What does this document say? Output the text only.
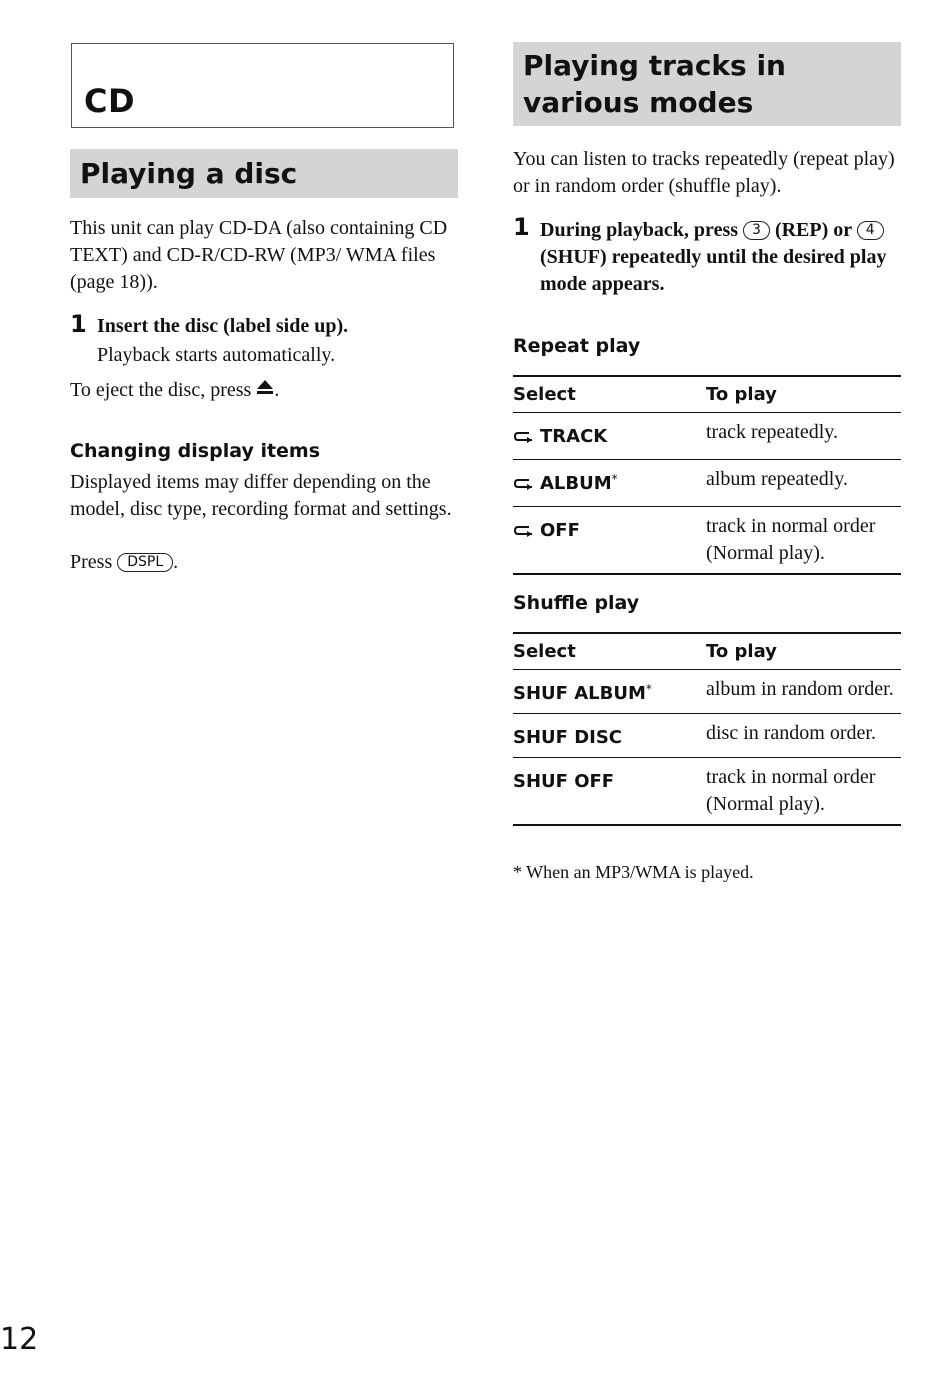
CD
Playing a disc

This unit can play CD-DA (also containing CD TEXT) and CD-R/CD-RW (MP3/ WMA files (page 18)).

1 Insert the disc (label side up).

Playback starts automatically.

To eject the disc, press .

Changing display items

Displayed items may differ depending on the model, disc type, recording format and settings.

Press DSPL .

Playing tracks in various modes

You can listen to tracks repeatedly (repeat play) or in random order (shuffle play).

1 During playback, press 3 (REP) or 4 (SHUF) repeatedly until the desired play mode appears.

Repeat play
Select	To play
TRACK	track repeatedly.
ALBUM*	album repeatedly.
OFF	track in normal order (Normal play).
Shuffle play
Select	To play
SHUF ALBUM*	album in random order.
SHUF DISC	disc in random order.
SHUF OFF	track in normal order (Normal play).

* When an MP3/WMA is played.

12
